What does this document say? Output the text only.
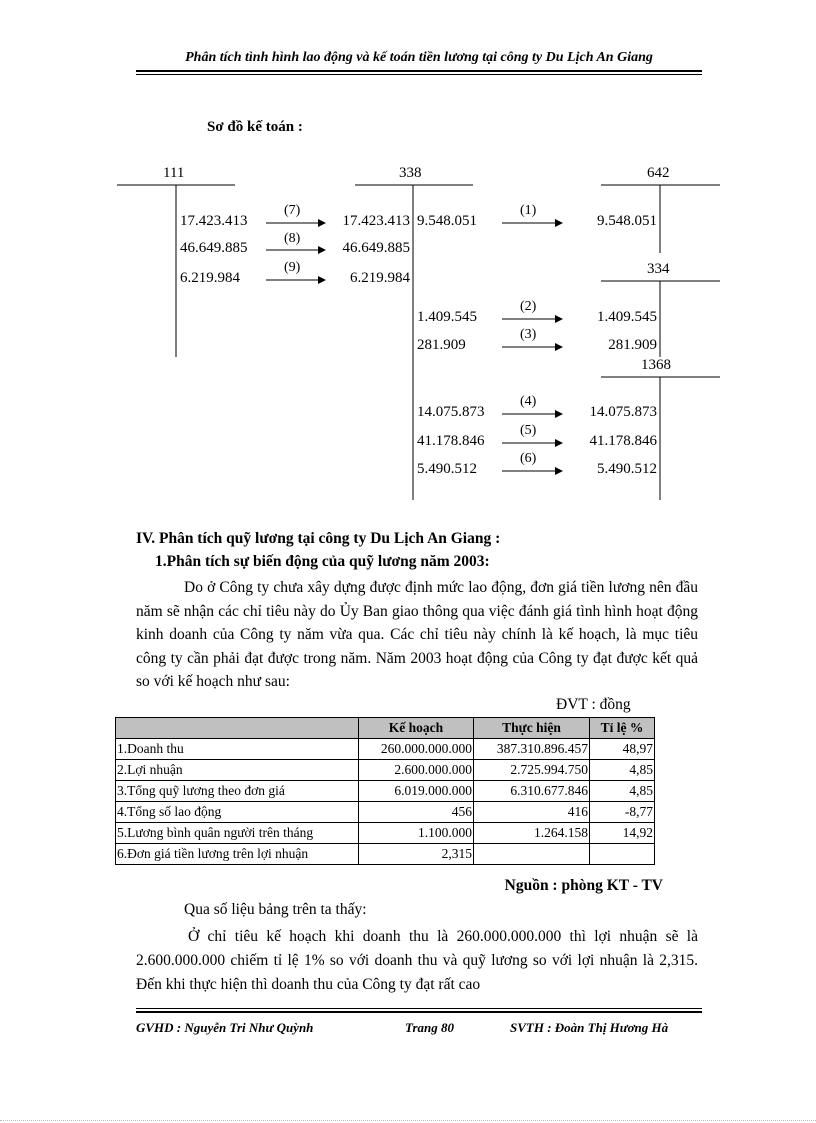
Phân tích tình hình lao động và kế toán tiền lương tại công ty Du Lịch An Giang
Sơ đồ kế toán :
111	338	642
334
1368
(7)
(8)
(9)
(1)
(2)
(3)
(4)
(5)
(6)
17.423.413
46.649.885
6.219.984
9.548.051
1.409.545
281.909
14.075.873
41.178.846
5.490.512
17.423.413
46.649.885
6.219.984
9.548.051
1.409.545
281.909
14.075.873
41.178.846
5.490.512
IV. Phân tích quỹ lương tại công ty Du Lịch An Giang :
1.Phân tích sự biến động của quỹ lương năm 2003:

Do ở Công ty chưa xây dựng được định mức lao động, đơn giá tiền lương nên đầu năm sẽ nhận các chỉ tiêu này do Ủy Ban giao thông qua việc đánh giá tình hình hoạt động kinh doanh của Công ty năm vừa qua. Các chỉ tiêu này chính là kế hoạch, là mục tiêu công ty cần phải đạt được trong năm. Năm 2003 hoạt động của Công ty đạt được kết quả so với kế hoạch như sau:

ĐVT : đồng
	Kế hoạch	Thực hiện	Tỉ lệ %
1.Doanh thu	260.000.000.000	387.310.896.457	48,97
2.Lợi nhuận	2.600.000.000	2.725.994.750	4,85
3.Tổng quỹ lương theo đơn giá	6.019.000.000	6.310.677.846	4,85
4.Tổng số lao động	456	416	-8,77
5.Lương bình quân người trên tháng	1.100.000	1.264.158	14,92
6.Đơn giá tiền lương trên lợi nhuận	2,315		
Nguồn : phòng KT - TV
Qua số liệu bảng trên ta thấy:

Ở chỉ tiêu kế hoạch khi doanh thu là 260.000.000.000 thì lợi nhuận sẽ là 2.600.000.000 chiếm tỉ lệ 1% so với doanh thu và quỹ lương so với lợi nhuận là 2,315. Đến khi thực hiện thì doanh thu của Công ty đạt rất cao

GVHD : Nguyễn Tri Như Quỳnh	Trang 80	SVTH : Đoàn Thị Hương Hà
